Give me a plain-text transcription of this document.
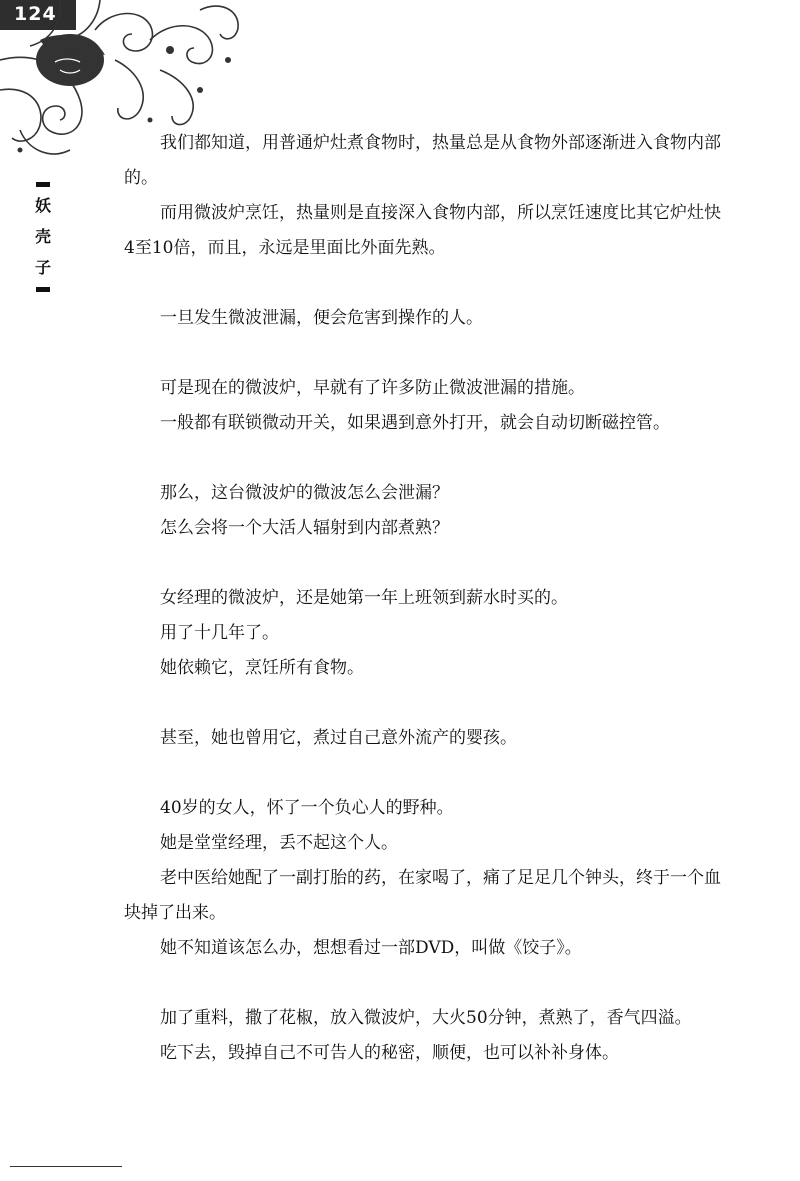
124
妖
壳
子

我们都知道，用普通炉灶煮食物时，热量总是从食物外部逐渐进入食物内部的。

而用微波炉烹饪，热量则是直接深入食物内部，所以烹饪速度比其它炉灶快4至10倍，而且，永远是里面比外面先熟。

一旦发生微波泄漏，便会危害到操作的人。

可是现在的微波炉，早就有了许多防止微波泄漏的措施。

一般都有联锁微动开关，如果遇到意外打开，就会自动切断磁控管。

那么，这台微波炉的微波怎么会泄漏？

怎么会将一个大活人辐射到内部煮熟？

女经理的微波炉，还是她第一年上班领到薪水时买的。

用了十几年了。

她依赖它，烹饪所有食物。

甚至，她也曾用它，煮过自己意外流产的婴孩。

40岁的女人，怀了一个负心人的野种。

她是堂堂经理，丢不起这个人。

老中医给她配了一副打胎的药，在家喝了，痛了足足几个钟头，终于一个血块掉了出来。

她不知道该怎么办，想想看过一部DVD，叫做《饺子》。

加了重料，撒了花椒，放入微波炉，大火50分钟，煮熟了，香气四溢。

吃下去，毁掉自己不可告人的秘密，顺便，也可以补补身体。
